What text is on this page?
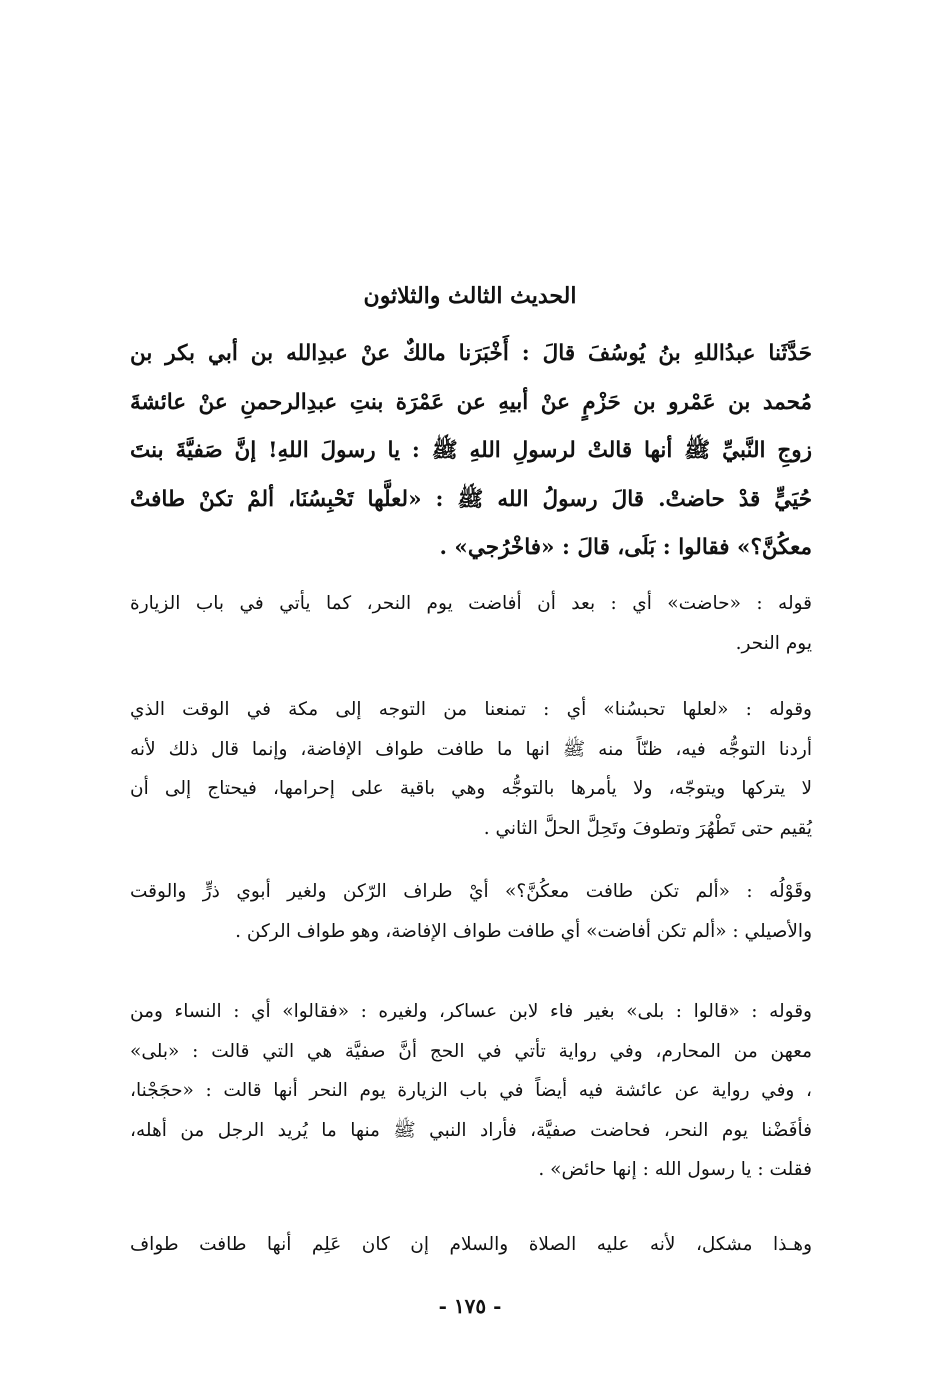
الحديث الثالث والثلاثون
حَدَّثَنا عبدُاللهِ بنُ يُوسُفَ قالَ : أَخْبَرَنا مالكٌ عنْ عبدِالله بن أبي بكر بن
مُحمد بن عَمْرو بن حَزْمٍ عنْ أبيهِ عن عَمْرَة بنتِ عبدِالرحمنِ عنْ عائشةَ
زوجِ النَّبيِّ ﷺ أنها قالتْ لرسولِ اللهِ ﷺ : يا رسولَ اللهِ! إنَّ صَفيَّةَ بنتَ
حُيَيٍّ قدْ حاضتْ. قالَ رسولُ الله ﷺ : «لعلَّها تَحْبِسُنَا، ألمْ تكنْ طافتْ
معكُنَّ؟» فقالوا : بَلَى، قالَ : «فاخْرُجي» .
قوله : «حاضت» أي : بعد أن أفاضت يوم النحر، كما يأتي في باب الزيارة
يوم النحر.
وقوله : «لعلها تحبسُنا» أي : تمنعنا من التوجه إلى مكة في الوقت الذي
أردنا التوجُّه فيه، ظنّاً منه ﷺ انها ما طافت طواف الإفاضة، وإنما قال ذلك لأنه
لا يتركها ويتوجّه، ولا يأمرها بالتوجُّه وهي باقية على إحرامها، فيحتاج إلى أن
يُقيم حتى تَطْهُرَ وتطوفَ وتَحِلَّ الحلَّ الثاني .
وقَوْلُه : «ألم تكن طافت معكُنَّ؟» أيْ طراف الرّكن ولغير أبوي ذرٍّ والوقت
والأصيلي : «ألم تكن أفاضت» أي طافت طواف الإفاضة، وهو طواف الركن .
وقوله : «قالوا : بلى» بغير فاء لابن عساكر، ولغيره : «فقالوا» أي : النساء ومن
معهن من المحارم، وفي رواية تأتي في الحج أنَّ صفيَّة هي التي قالت : «بلى»
، وفي رواية عن عائشة فيه أيضاً في باب الزيارة يوم النحر أنها قالت : «حجَجْنا،
فأفَضْنا يوم النحر، فحاضت صفيَّة، فأراد النبي ﷺ منها ما يُريد الرجل من أهله،
فقلت : يا رسول الله : إنها حائض» .
وهـذا مشكل، لأنه عليه الصلاة والسلام إن كان عَلِم أنها طافت طواف
- ١٧٥ -
